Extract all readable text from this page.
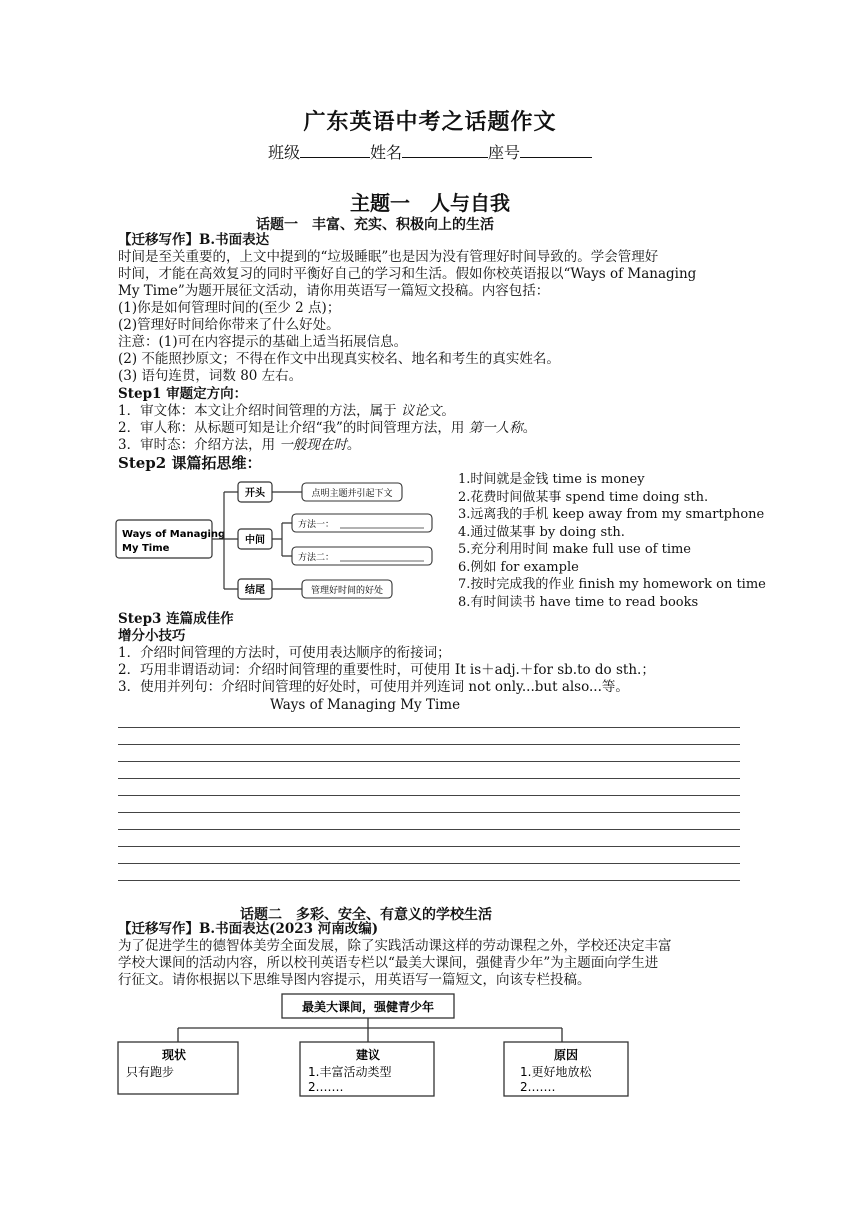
广东英语中考之话题作文
班级	姓名	座号
主题一　人与自我
话题一　丰富、充实、积极向上的生活
【迁移写作】B.书面表达
时间是至关重要的，上文中提到的“垃圾睡眠”也是因为没有管理好时间导致的。学会管理好
时间，才能在高效复习的同时平衡好自己的学习和生活。假如你校英语报以“Ways of Managing
My Time”为题开展征文活动，请你用英语写一篇短文投稿。内容包括：
(1)你是如何管理时间的(至少 2 点)；
(2)管理好时间给你带来了什么好处。
注意：(1)可在内容提示的基础上适当拓展信息。
(2) 不能照抄原文；不得在作文中出现真实校名、地名和考生的真实姓名。
(3) 语句连贯，词数 80 左右。
Step1 审题定方向：
1．审文体：本文让介绍时间管理的方法，属于 议论文。
2．审人称：从标题可知是让介绍“我”的时间管理方法，用 第一人称。
3．审时态：介绍方法，用 一般现在时。
Step2 课篇拓思维：
Ways of Managing
My Time
开头
中间
结尾
点明主题并引起下文
方法一：
方法二：
管理好时间的好处
1.时间就是金钱 time is money
2.花费时间做某事 spend time doing sth.
3.远离我的手机 keep away from my smartphone
4.通过做某事 by doing sth.
5.充分利用时间 make full use of time
6.例如 for example
7.按时完成我的作业 finish my homework on time
8.有时间读书 have time to read books
Step3 连篇成佳作
增分小技巧
1．介绍时间管理的方法时，可使用表达顺序的衔接词；
2．巧用非谓语动词：介绍时间管理的重要性时，可使用 It is＋adj.＋for sb.to do sth.；
3．使用并列句：介绍时间管理的好处时，可使用并列连词 not only...but also...等。
Ways of Managing My Time
话题二　多彩、安全、有意义的学校生活
【迁移写作】B.书面表达(2023 河南改编)
为了促进学生的德智体美劳全面发展，除了实践活动课这样的劳动课程之外，学校还决定丰富
学校大课间的活动内容，所以校刊英语专栏以“最美大课间，强健青少年”为主题面向学生进
行征文。请你根据以下思维导图内容提示，用英语写一篇短文，向该专栏投稿。
最美大课间，强健青少年
现状
只有跑步
建议
1.丰富活动类型
2.……
原因
1.更好地放松
2.……
